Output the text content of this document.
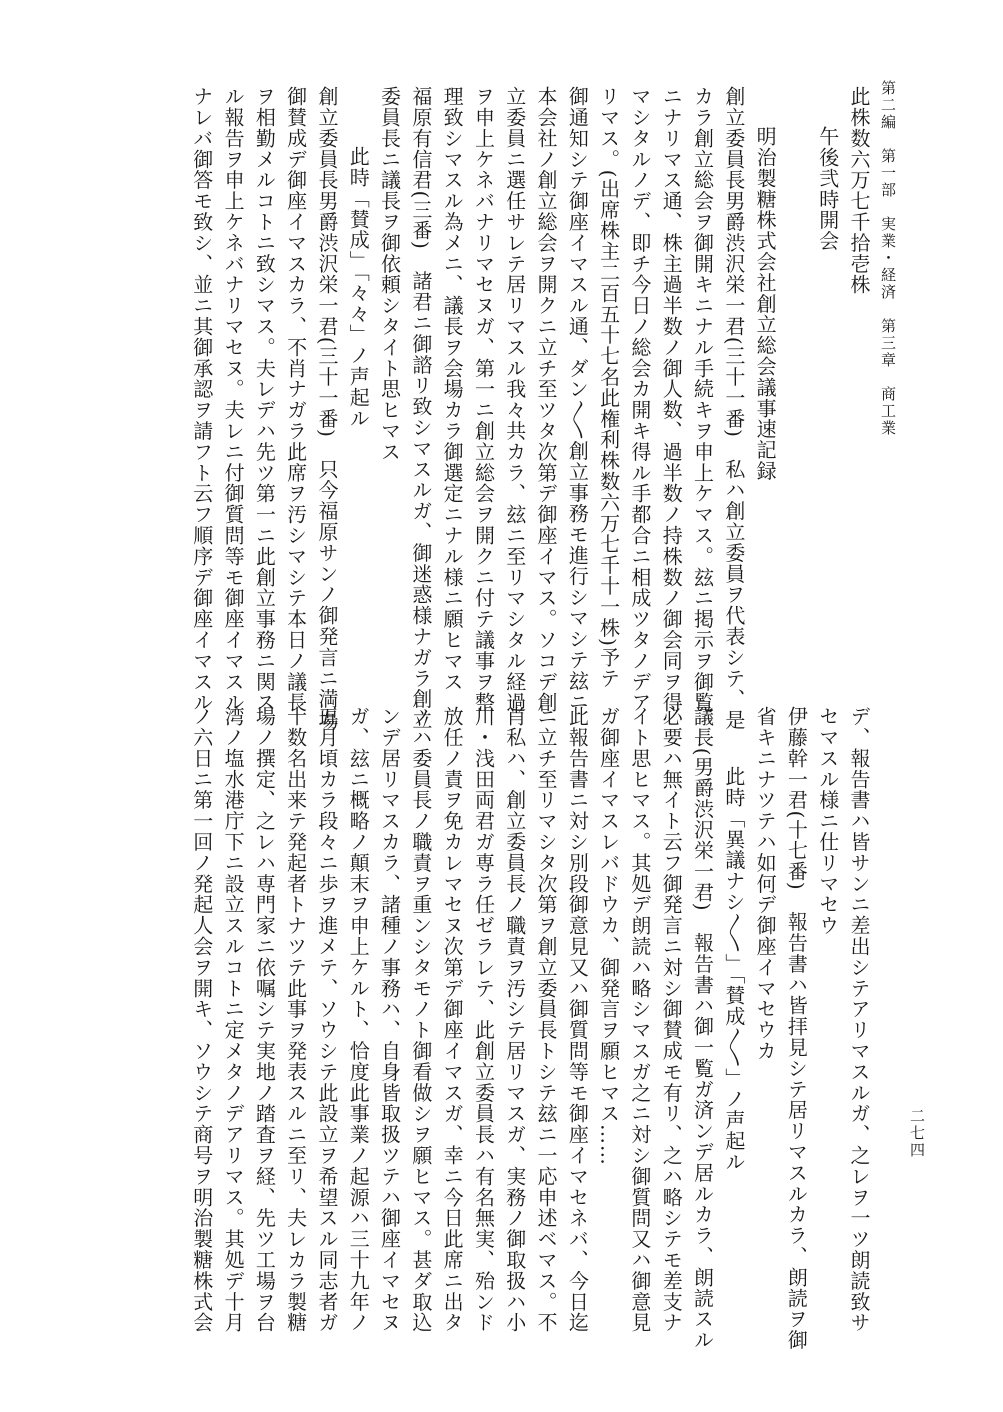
第二編　第一部　実業・経済　第三章　商工業
二七四
此株数六万七千拾壱株
午後弐時開会
明治製糖株式会社創立総会議事速記録
創立委員長男爵渋沢栄一君(三十一番)　私ハ創立委員ヲ代表シテ、是
カラ創立総会ヲ御開キニナル手続キヲ申上ケマス。玆ニ掲示ヲ御覧
ニナリマス通、株主過半数ノ御人数、過半数ノ持株数ノ御会同ヲ得
マシタルノデ、即チ今日ノ総会カ開キ得ル手都合ニ相成ツタノデア
リマス。(出席株主二百五十七名此権利株数六万七千十一株)予テ
御通知シテ御座イマスル通、ダン〳〵創立事務モ進行シマシテ玆ニ
本会社ノ創立総会ヲ開クニ立チ至ツタ次第デ御座イマス。ソコデ創
立委員ニ選任サレテ居リマスル我々共カラ、玆ニ至リマシタル経過
ヲ申上ケネバナリマセヌガ、第一ニ創立総会ヲ開クニ付テ議事ヲ整
理致シマスル為メニ、議長ヲ会場カラ御選定ニナル様ニ願ヒマス
福原有信君(三番)　諸君ニ御諮リ致シマスルガ、御迷惑様ナガラ創立
委員長ニ議長ヲ御依頼シタイト思ヒマス
此時「賛成」「々々」ノ声起ル
創立委員長男爵渋沢栄一君(三十一番)　只今福原サンノ御発言ニ満場
御賛成デ御座イマスカラ、不肖ナガラ此席ヲ汚シマシテ本日ノ議長
ヲ相勤メルコトニ致シマス。夫レデハ先ツ第一ニ此創立事務ニ関ス
ル報告ヲ申上ケネバナリマセヌ。夫レニ付御質問等モ御座イマスル
ナレバ御答モ致シ、並ニ其御承認ヲ請フト云フ順序デ御座イマスル
デ、報告書ハ皆サンニ差出シテアリマスルガ、之レヲ一ツ朗読致サ
セマスル様ニ仕リマセウ
伊藤幹一君(十七番)　報告書ハ皆拝見シテ居リマスルカラ、朗読ヲ御
省キニナツテハ如何デ御座イマセウカ
此時「異議ナシ〳〵」「賛成〳〵」ノ声起ル
議長(男爵渋沢栄一君)　報告書ハ御一覧ガ済ンデ居ルカラ、朗読スル
必要ハ無イト云フ御発言ニ対シ御賛成モ有リ、之ハ略シテモ差支ナ
イト思ヒマス。其処デ朗読ハ略シマスガ之ニ対シ御質問又ハ御意見
ガ御座イマスレバドウカ、御発言ヲ願ヒマス……
此報告書ニ対シ別段御意見又ハ御質問等モ御座イマセネバ、今日迄
ニ立チ至リマシタ次第ヲ創立委員長トシテ玆ニ一応申述ベマス。不
肖私ハ、創立委員長ノ職責ヲ汚シテ居リマスガ、実務ノ御取扱ハ小
川・浅田両君ガ専ラ任ゼラレテ、此創立委員長ハ有名無実、殆ンド
放任ノ責ヲ免カレマセヌ次第デ御座イマスガ、幸ニ今日此席ニ出タ
ノハ委員長ノ職責ヲ重ンシタモノト御看做シヲ願ヒマス。甚ダ取込
ンデ居リマスカラ、諸種ノ事務ハ、自身皆取扱ツテハ御座イマセヌ
ガ、玆ニ概略ノ顛末ヲ申上ケルト、恰度此事業ノ起源ハ三十九年ノ
五月頃カラ段々ニ歩ヲ進メテ、ソウシテ此設立ヲ希望スル同志者ガ
十数名出来テ発起者トナツテ此事ヲ発表スルニ至リ、夫レカラ製糖
場ノ撰定、之レハ専門家ニ依嘱シテ実地ノ踏査ヲ経、先ツ工場ヲ台
湾ノ塩水港庁下ニ設立スルコトニ定メタノデアリマス。其処デ十月
ノ六日ニ第一回ノ発起人会ヲ開キ、ソウシテ商号ヲ明治製糖株式会
